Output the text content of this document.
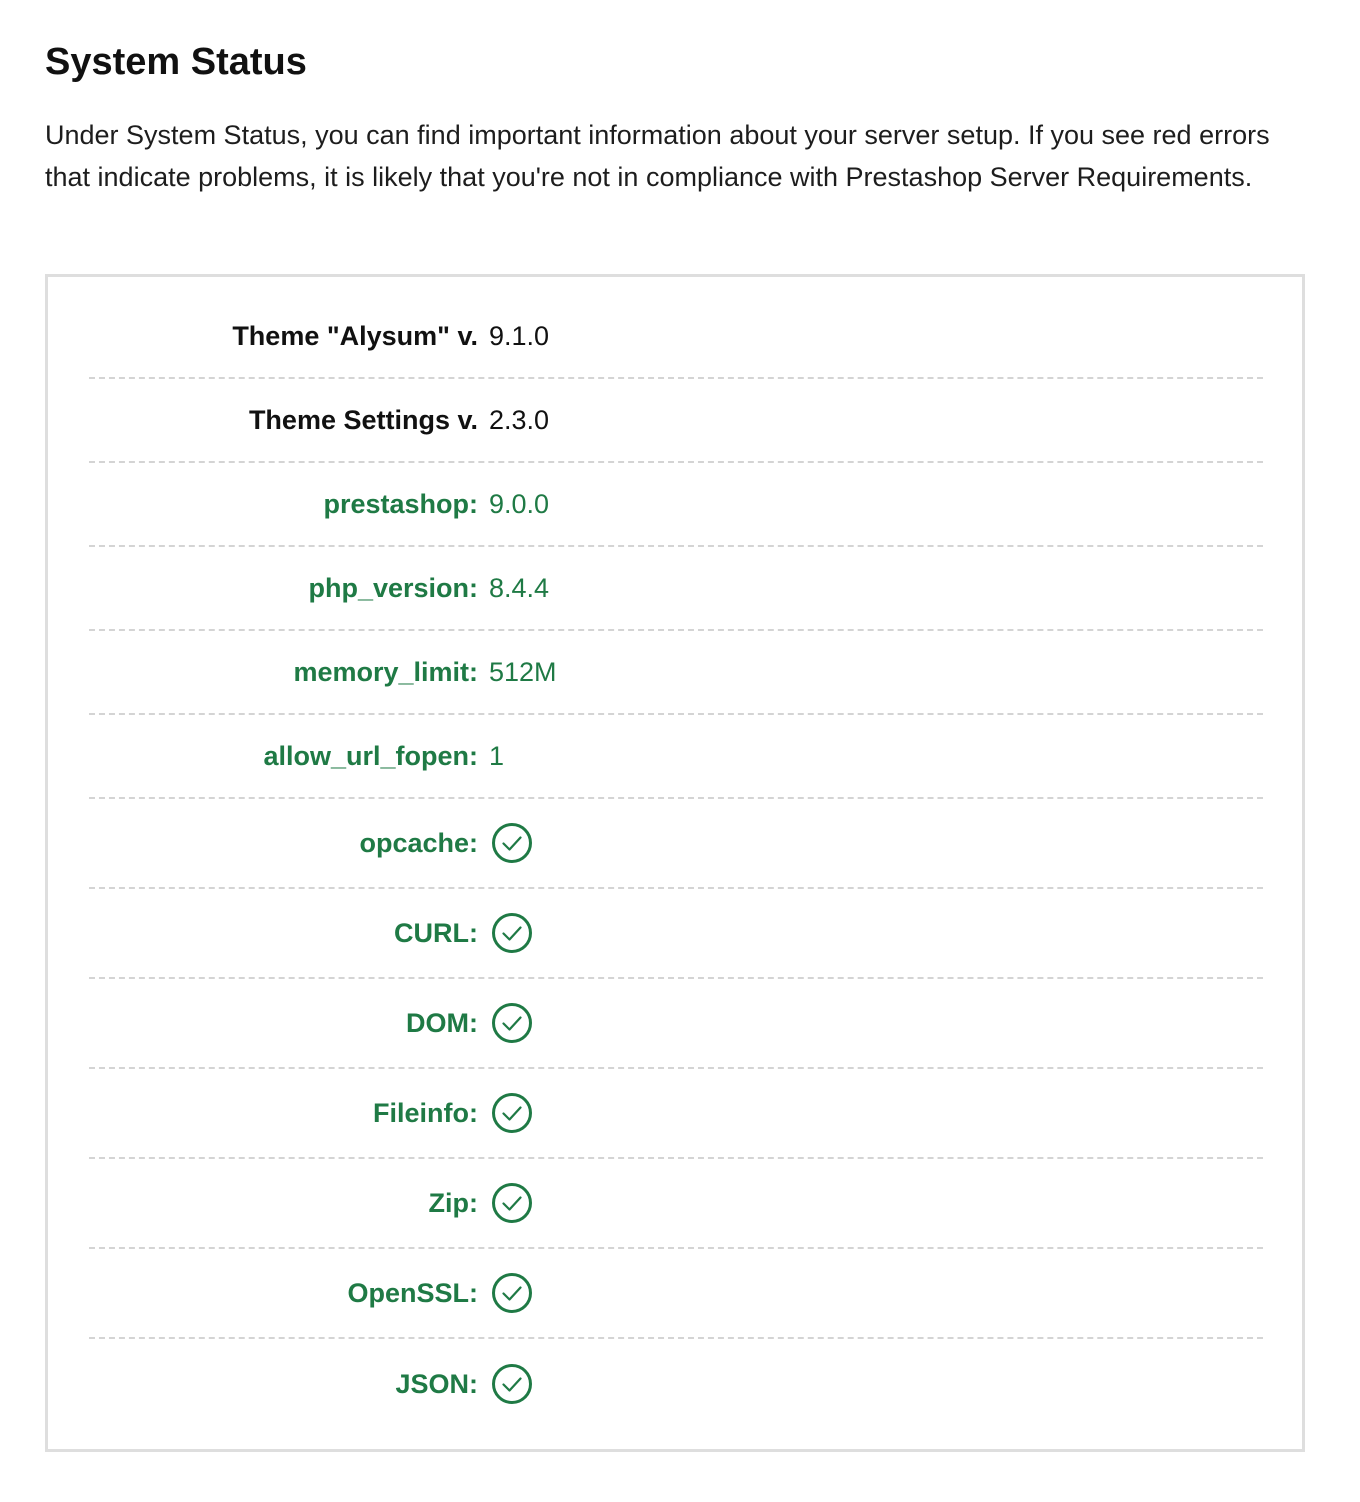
System Status

Under System Status, you can find important information about your server setup. If you see red errors that indicate problems, it is likely that you're not in compliance with Prestashop Server Requirements.

Theme "Alysum" v. 9.1.0
Theme Settings v. 2.3.0
prestashop: 9.0.0
php_version: 8.4.4
memory_limit: 512M
allow_url_fopen: 1
opcache:
CURL:
DOM:
Fileinfo:
Zip:
OpenSSL:
JSON:
